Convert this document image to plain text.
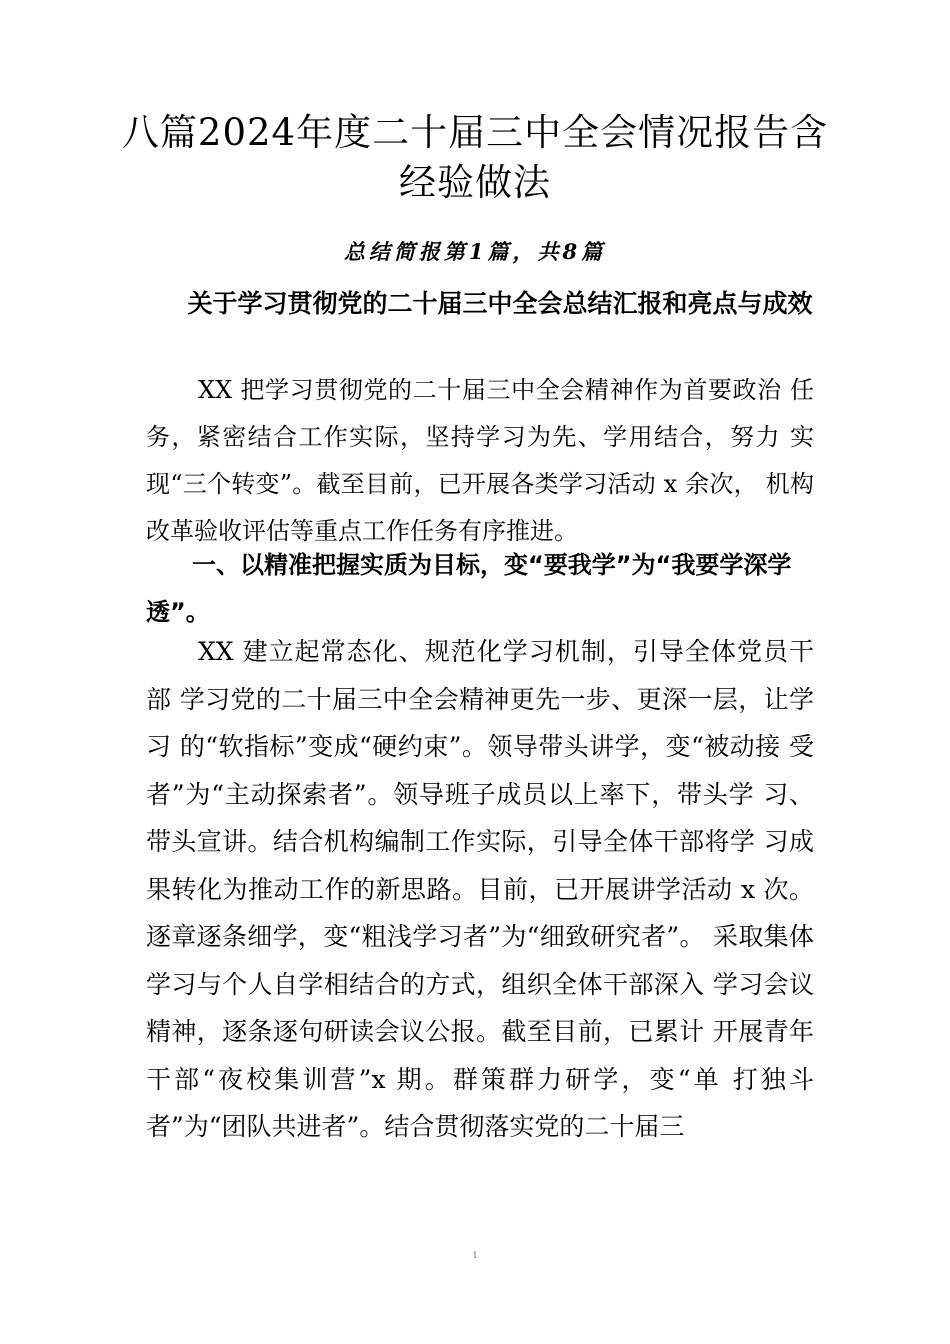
八篇2024年度二十届三中全会情况报告含经验做法
总结简报第1篇，共8篇
关于学习贯彻党的二十届三中全会总结汇报和亮点与成效
XX 把学习贯彻党的二十届三中全会精神作为首要政治 任务，紧密结合工作实际，坚持学习为先、学用结合，努力 实现“三个转变”。截至目前，已开展各类学习活动 x 余次， 机构改革验收评估等重点工作任务有序推进。
一、以精准把握实质为目标，变“要我学”为“我要学深学透”。
XX 建立起常态化、规范化学习机制，引导全体党员干部 学习党的二十届三中全会精神更先一步、更深一层，让学习 的“软指标”变成“硬约束”。领导带头讲学，变“被动接 受者”为“主动探索者”。领导班子成员以上率下，带头学 习、带头宣讲。结合机构编制工作实际，引导全体干部将学 习成果转化为推动工作的新思路。目前，已开展讲学活动 x 次。逐章逐条细学，变“粗浅学习者”为“细致研究者”。 采取集体学习与个人自学相结合的方式，组织全体干部深入 学习会议精神，逐条逐句研读会议公报。截至目前，已累计 开展青年干部“夜校集训营”x 期。群策群力研学，变“单 打独斗者”为“团队共进者”。结合贯彻落实党的二十届三
1
